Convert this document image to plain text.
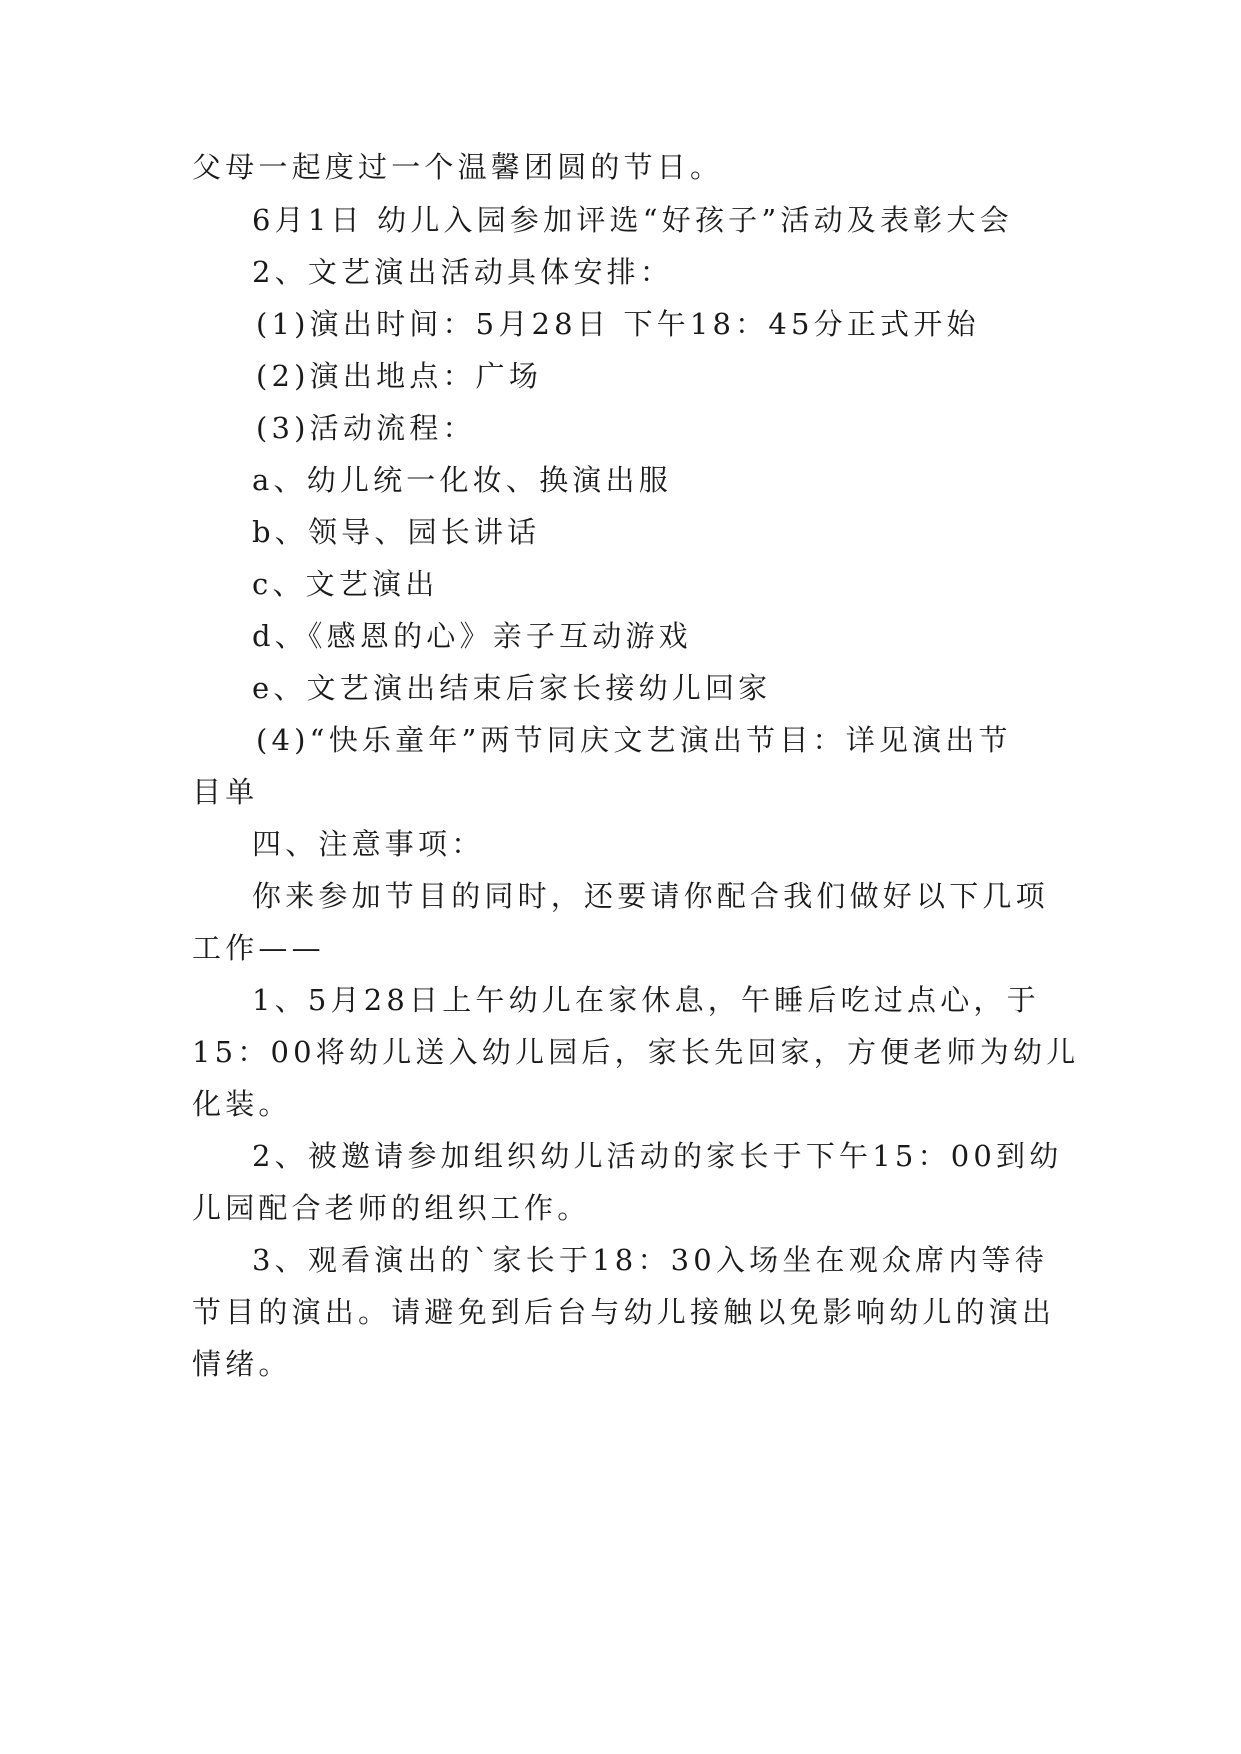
父母一起度过一个温馨团圆的节日。
6月1日 幼儿入园参加评选“好孩子”活动及表彰大会
2、文艺演出活动具体安排：
(1)演出时间：5月28日 下午18：45分正式开始
(2)演出地点：广场
(3)活动流程：
a、幼儿统一化妆、换演出服
b、领导、园长讲话
c、文艺演出
d、《感恩的心》亲子互动游戏
e、文艺演出结束后家长接幼儿回家
(4)“快乐童年”两节同庆文艺演出节目：详见演出节
目单
四、注意事项：
你来参加节目的同时，还要请你配合我们做好以下几项
工作——
1、5月28日上午幼儿在家休息，午睡后吃过点心，于
15：00将幼儿送入幼儿园后，家长先回家，方便老师为幼儿
化装。
2、被邀请参加组织幼儿活动的家长于下午15：00到幼
儿园配合老师的组织工作。
3、观看演出的`家长于18：30入场坐在观众席内等待
节目的演出。请避免到后台与幼儿接触以免影响幼儿的演出
情绪。
